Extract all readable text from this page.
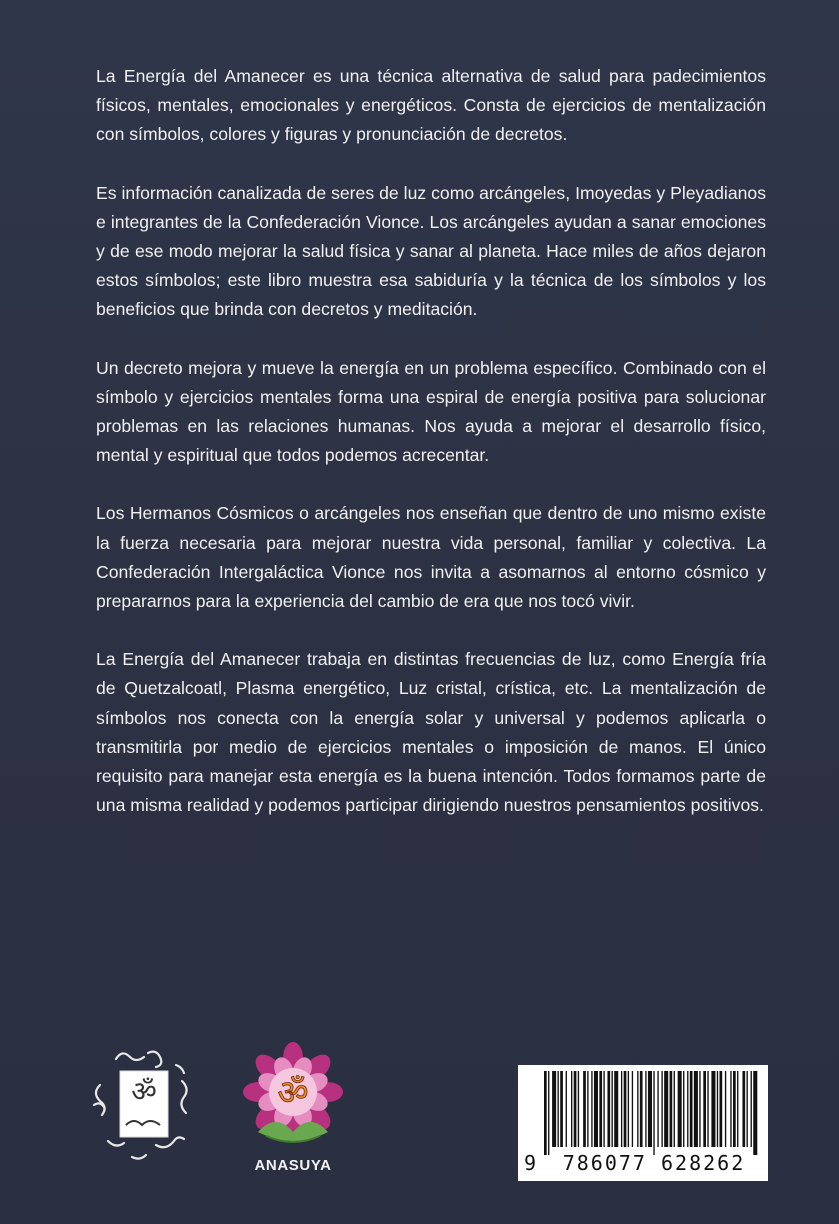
La Energía del Amanecer es una técnica alternativa de salud para padecimientos físicos, mentales, emocionales y energéticos. Consta de ejercicios de mentalización con símbolos, colores y figuras y pronunciación de decretos.

Es información canalizada de seres de luz como arcángeles, Imoyedas y Pleyadianos e integrantes de la Confederación Vionce. Los arcángeles ayudan a sanar emociones y de ese modo mejorar la salud física y sanar al planeta. Hace miles de años dejaron estos símbolos; este libro muestra esa sabiduría y la técnica de los símbolos y los beneficios que brinda con decretos y meditación.

Un decreto mejora y mueve la energía en un problema específico. Combinado con el símbolo y ejercicios mentales forma una espiral de energía positiva para solucionar problemas en las relaciones humanas. Nos ayuda a mejorar el desarrollo físico, mental y espiritual que todos podemos acrecentar.

Los Hermanos Cósmicos o arcángeles nos enseñan que dentro de uno mismo existe la fuerza necesaria para mejorar nuestra vida personal, familiar y colectiva. La Confederación Intergaláctica Vionce nos invita a asomarnos al entorno cósmico y prepararnos para la experiencia del cambio de era que nos tocó vivir.

La Energía del Amanecer trabaja en distintas frecuencias de luz, como Energía fría de Quetzalcoatl, Plasma energético, Luz cristal, crística, etc. La mentalización de símbolos nos conecta con la energía solar y universal y podemos aplicarla o transmitirla por medio de ejercicios mentales o imposición de manos. El único requisito para manejar esta energía es la buena intención. Todos formamos parte de una misma realidad y podemos participar dirigiendo nuestros pensamientos positivos.

ॐ	ॐ
ANASUYA	9	786077 628262
